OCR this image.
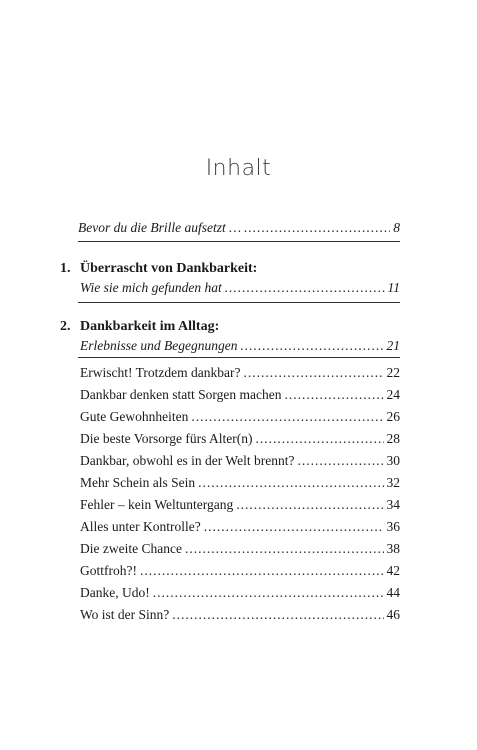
Inhalt
Bevor du die Brille aufsetzt … .....	8
1. Überrascht von Dankbarkeit:
Wie sie mich gefunden hat .....	11
2. Dankbarkeit im Alltag:
Erlebnisse und Begegnungen .....	21
Erwischt! Trotzdem dankbar? .....	22
Dankbar denken statt Sorgen machen .....	24
Gute Gewohnheiten .....	26
Die beste Vorsorge fürs Alter(n) .....	28
Dankbar, obwohl es in der Welt brennt? .....	30
Mehr Schein als Sein .....	32
Fehler – kein Weltuntergang .....	34
Alles unter Kontrolle? .....	36
Die zweite Chance .....	38
Gottfroh?! .....	42
Danke, Udo! .....	44
Wo ist der Sinn? .....	46
